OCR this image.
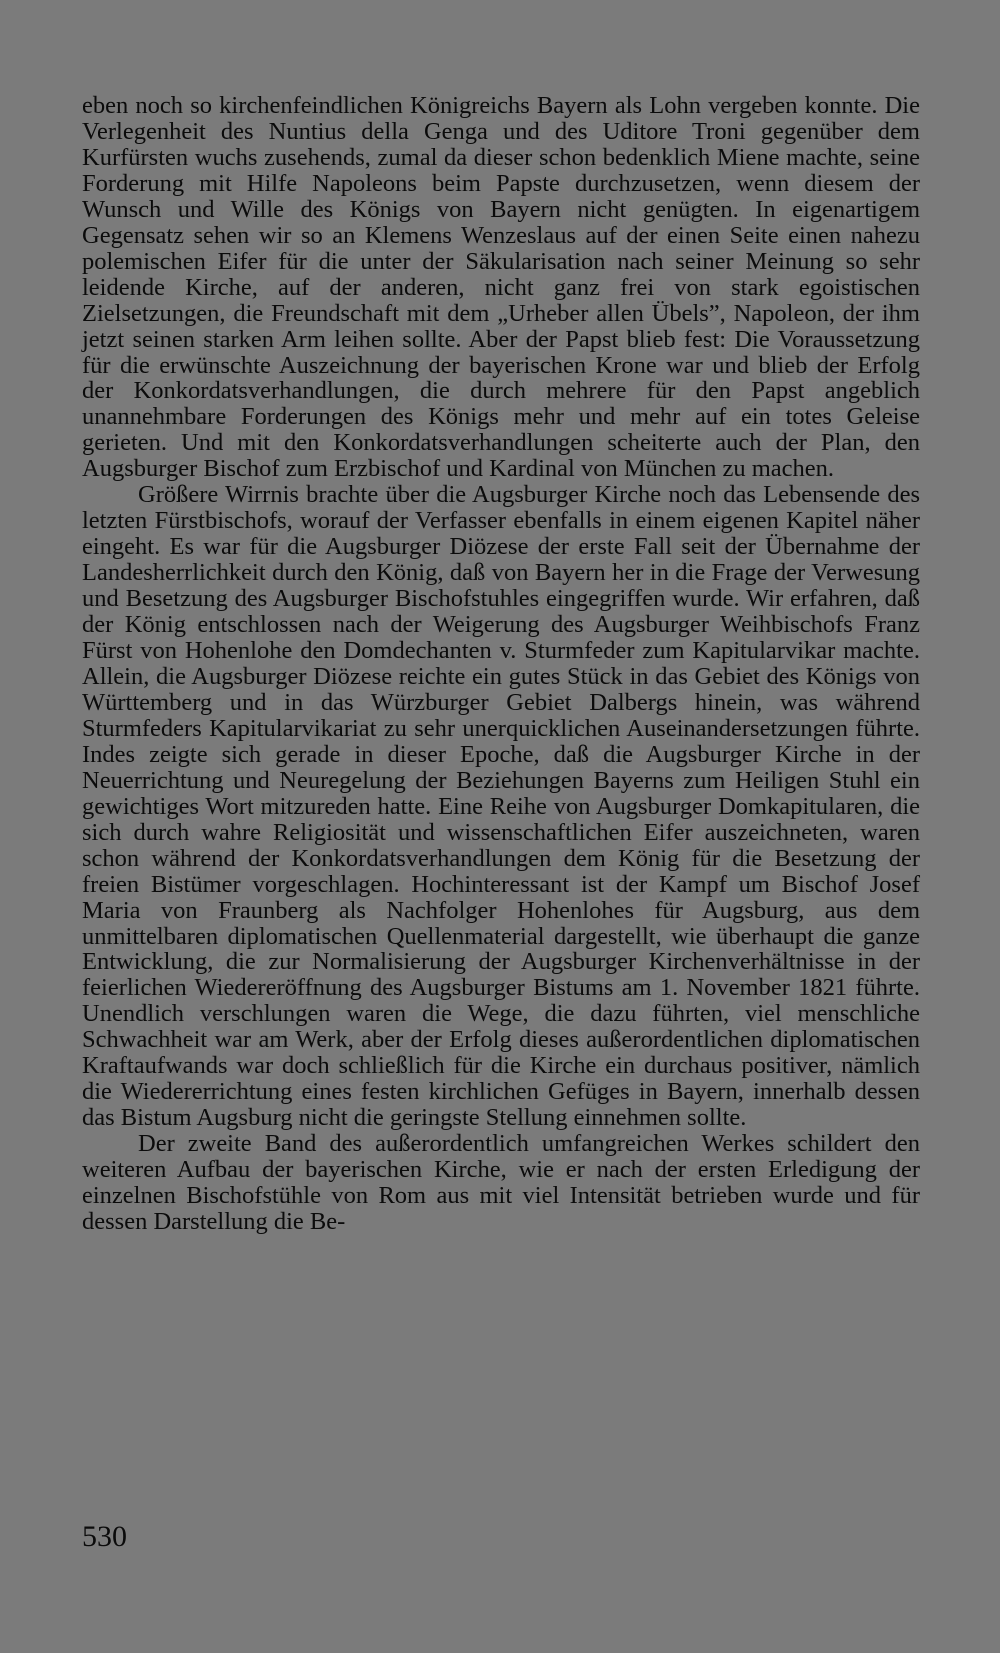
eben noch so kirchenfeindlichen Königreichs Bayern als Lohn vergeben konnte. Die Verlegenheit des Nuntius della Genga und des Uditore Troni gegenüber dem Kurfürsten wuchs zusehends, zumal da dieser schon bedenklich Miene machte, seine Forderung mit Hilfe Napoleons beim Papste durchzusetzen, wenn diesem der Wunsch und Wille des Königs von Bayern nicht genügten. In eigenartigem Gegensatz sehen wir so an Klemens Wenzeslaus auf der einen Seite einen nahezu polemischen Eifer für die unter der Säkularisation nach seiner Meinung so sehr leidende Kirche, auf der anderen, nicht ganz frei von stark egoistischen Zielsetzungen, die Freundschaft mit dem „Urheber allen Übels”, Napoleon, der ihm jetzt seinen starken Arm leihen sollte. Aber der Papst blieb fest: Die Voraussetzung für die erwünschte Auszeichnung der bayerischen Krone war und blieb der Erfolg der Konkordatsverhandlungen, die durch mehrere für den Papst angeblich unannehmbare Forderungen des Königs mehr und mehr auf ein totes Geleise gerieten. Und mit den Konkordatsverhandlungen scheiterte auch der Plan, den Augsburger Bischof zum Erzbischof und Kardinal von München zu machen.

Größere Wirrnis brachte über die Augsburger Kirche noch das Lebensende des letzten Fürstbischofs, worauf der Verfasser ebenfalls in einem eigenen Kapitel näher eingeht. Es war für die Augsburger Diözese der erste Fall seit der Übernahme der Landesherrlichkeit durch den König, daß von Bayern her in die Frage der Verwesung und Besetzung des Augsburger Bischofstuhles eingegriffen wurde. Wir erfahren, daß der König entschlossen nach der Weigerung des Augsburger Weihbischofs Franz Fürst von Hohenlohe den Domdechanten v. Sturmfeder zum Kapitularvikar machte. Allein, die Augsburger Diözese reichte ein gutes Stück in das Gebiet des Königs von Württemberg und in das Würzburger Gebiet Dalbergs hinein, was während Sturmfeders Kapitularvikariat zu sehr unerquicklichen Auseinandersetzungen führte. Indes zeigte sich gerade in dieser Epoche, daß die Augsburger Kirche in der Neuerrichtung und Neuregelung der Beziehungen Bayerns zum Heiligen Stuhl ein gewichtiges Wort mitzureden hatte. Eine Reihe von Augsburger Domkapitularen, die sich durch wahre Religiosität und wissenschaftlichen Eifer auszeichneten, waren schon während der Konkordatsverhandlungen dem König für die Besetzung der freien Bistümer vorgeschlagen. Hochinteressant ist der Kampf um Bischof Josef Maria von Fraunberg als Nachfolger Hohenlohes für Augsburg, aus dem unmittelbaren diplomatischen Quellenmaterial dargestellt, wie überhaupt die ganze Entwicklung, die zur Normalisierung der Augsburger Kirchenverhältnisse in der feierlichen Wiedereröffnung des Augsburger Bistums am 1. November 1821 führte. Unendlich verschlungen waren die Wege, die dazu führten, viel menschliche Schwachheit war am Werk, aber der Erfolg dieses außerordentlichen diplomatischen Kraftaufwands war doch schließlich für die Kirche ein durchaus positiver, nämlich die Wiedererrichtung eines festen kirchlichen Gefüges in Bayern, innerhalb dessen das Bistum Augsburg nicht die geringste Stellung einnehmen sollte.

Der zweite Band des außerordentlich umfangreichen Werkes schildert den weiteren Aufbau der bayerischen Kirche, wie er nach der ersten Erledigung der einzelnen Bischofstühle von Rom aus mit viel Intensität betrieben wurde und für dessen Darstellung die Be-

530
